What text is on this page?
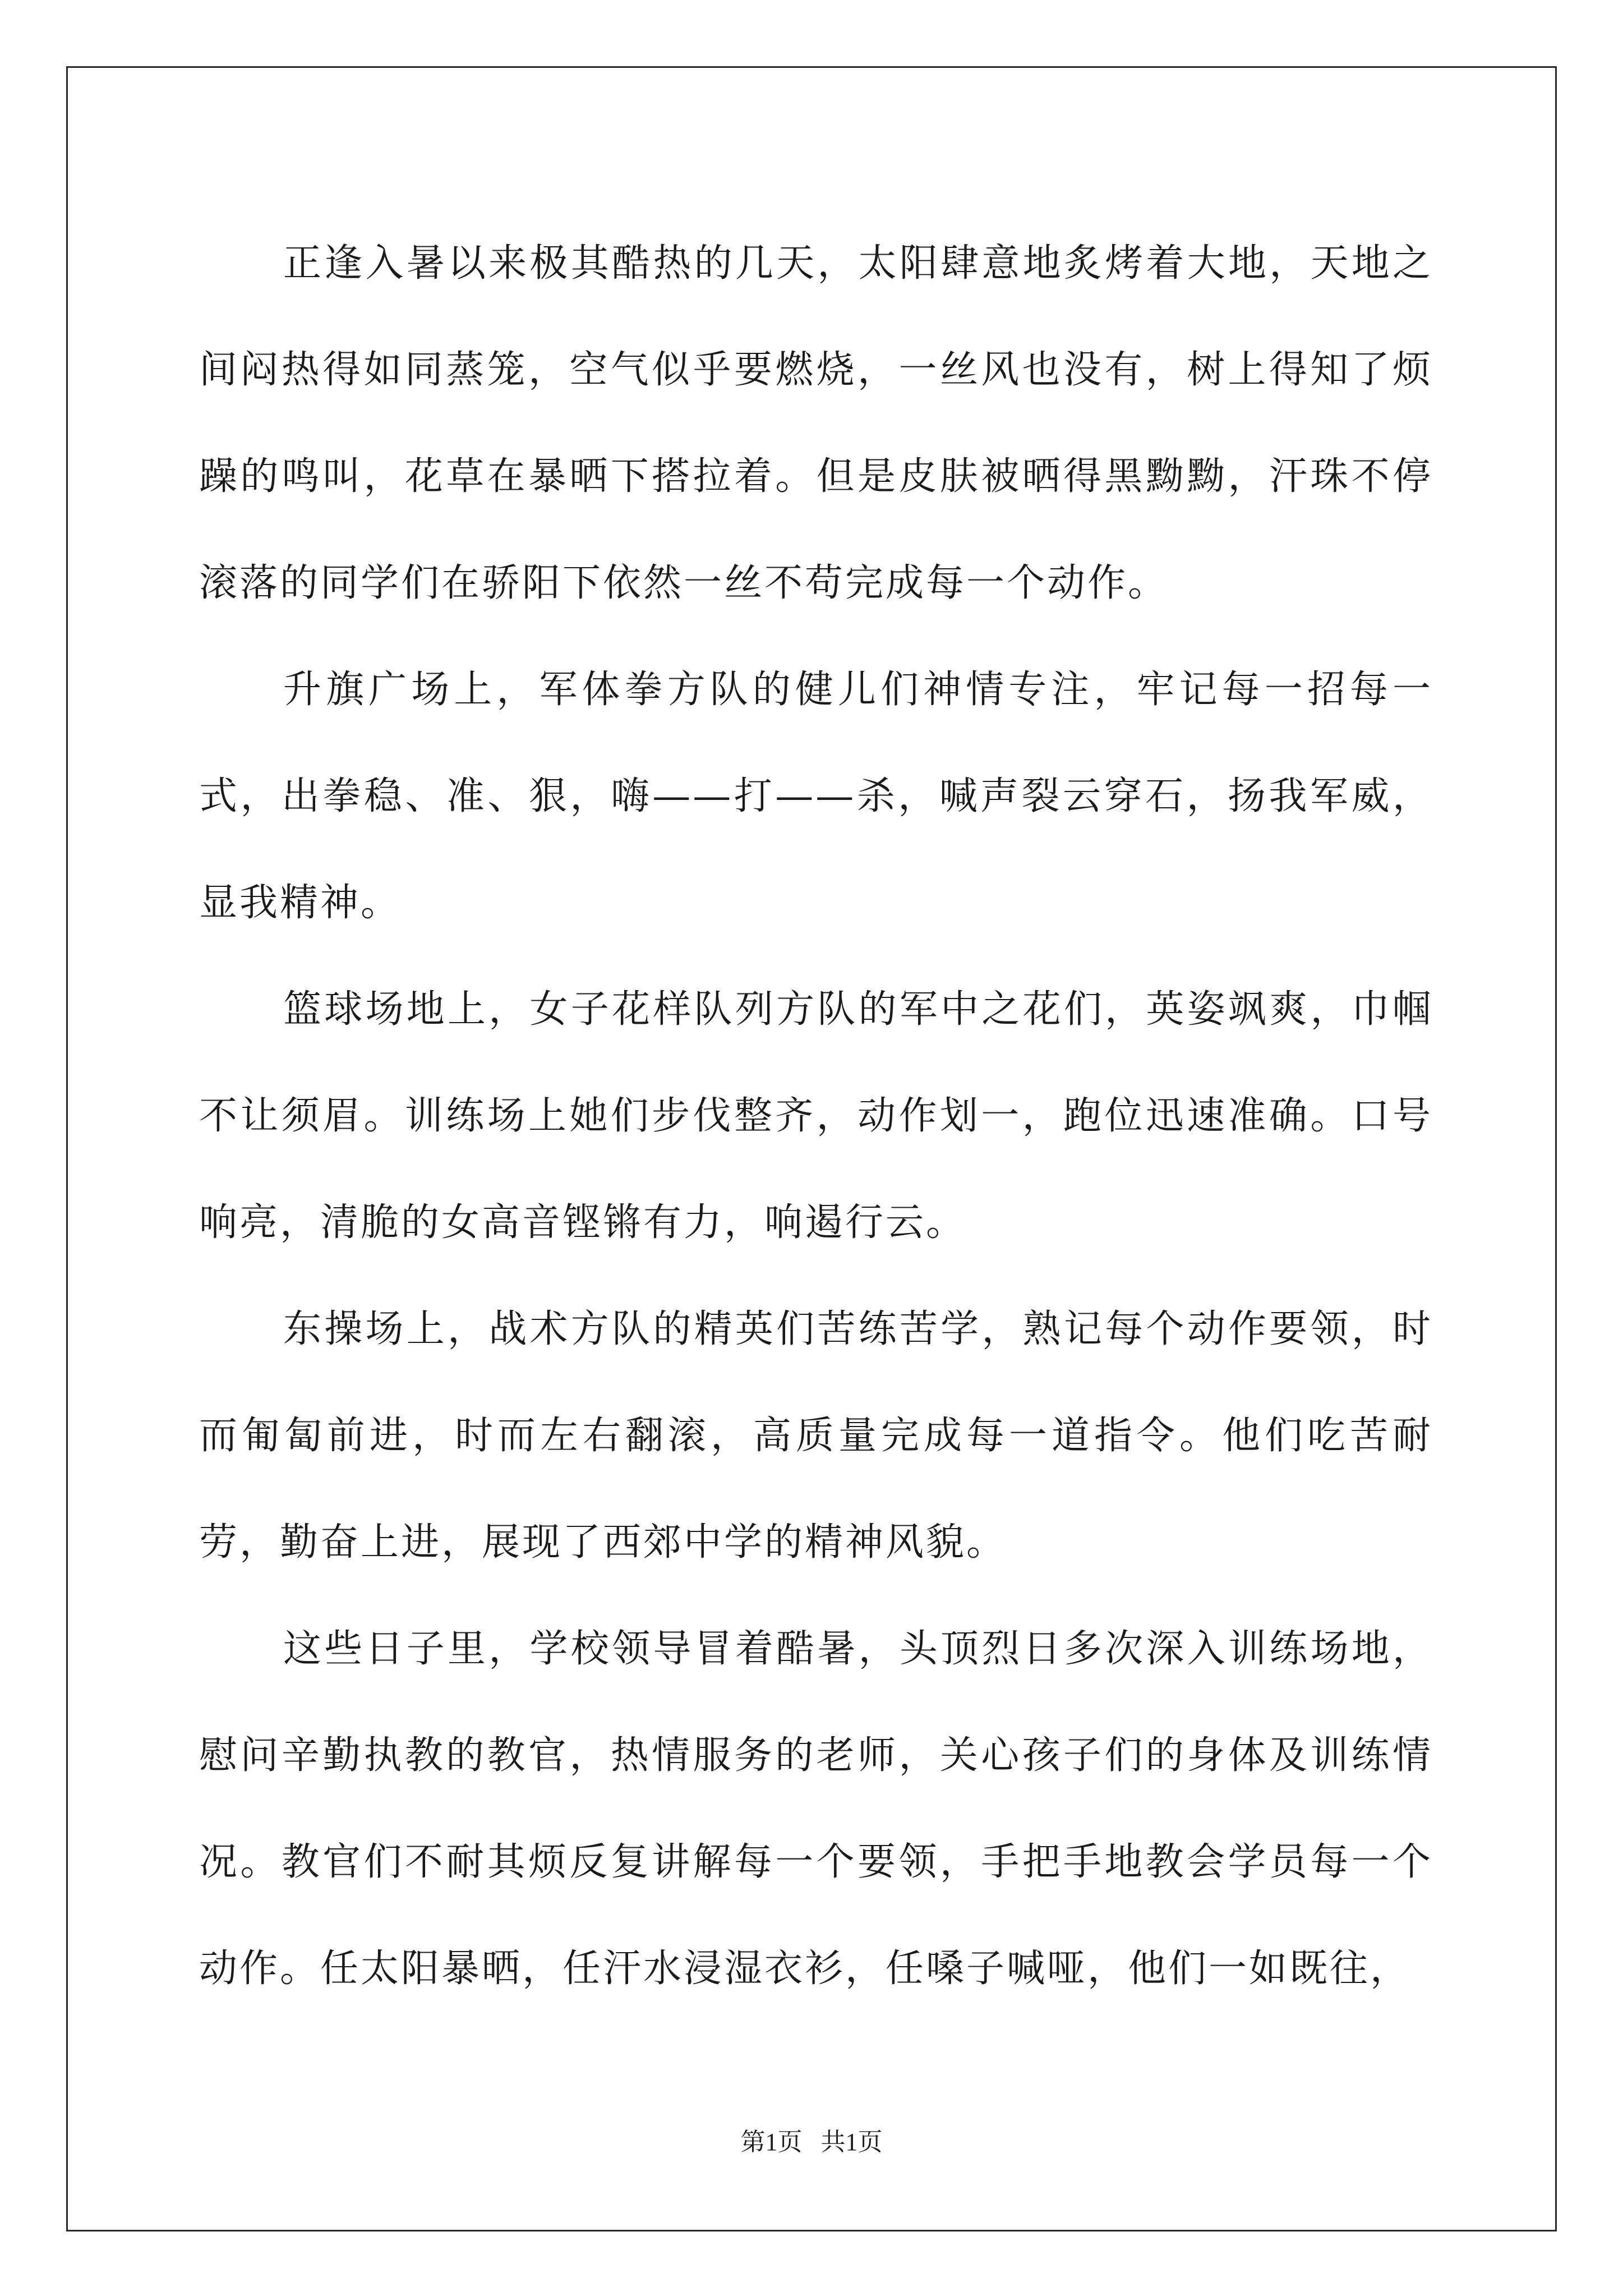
正逢入暑以来极其酷热的几天，太阳肆意地炙烤着大地，天地之间闷热得如同蒸笼，空气似乎要燃烧，一丝风也没有，树上得知了烦躁的鸣叫，花草在暴晒下搭拉着。但是皮肤被晒得黑黝黝，汗珠不停滚落的同学们在骄阳下依然一丝不苟完成每一个动作。

升旗广场上，军体拳方队的健儿们神情专注，牢记每一招每一式，出拳稳、准、狠，嗨——打——杀，喊声裂云穿石，扬我军威，显我精神。

篮球场地上，女子花样队列方队的军中之花们，英姿飒爽，巾帼不让须眉。训练场上她们步伐整齐，动作划一，跑位迅速准确。口号响亮，清脆的女高音铿锵有力，响遏行云。

东操场上，战术方队的精英们苦练苦学，熟记每个动作要领，时而匍匐前进，时而左右翻滚，高质量完成每一道指令。他们吃苦耐劳，勤奋上进，展现了西郊中学的精神风貌。

这些日子里，学校领导冒着酷暑，头顶烈日多次深入训练场地，慰问辛勤执教的教官，热情服务的老师，关心孩子们的身体及训练情况。教官们不耐其烦反复讲解每一个要领，手把手地教会学员每一个动作。任太阳暴晒，任汗水浸湿衣衫，任嗓子喊哑，他们一如既往，

第1页   共1页
